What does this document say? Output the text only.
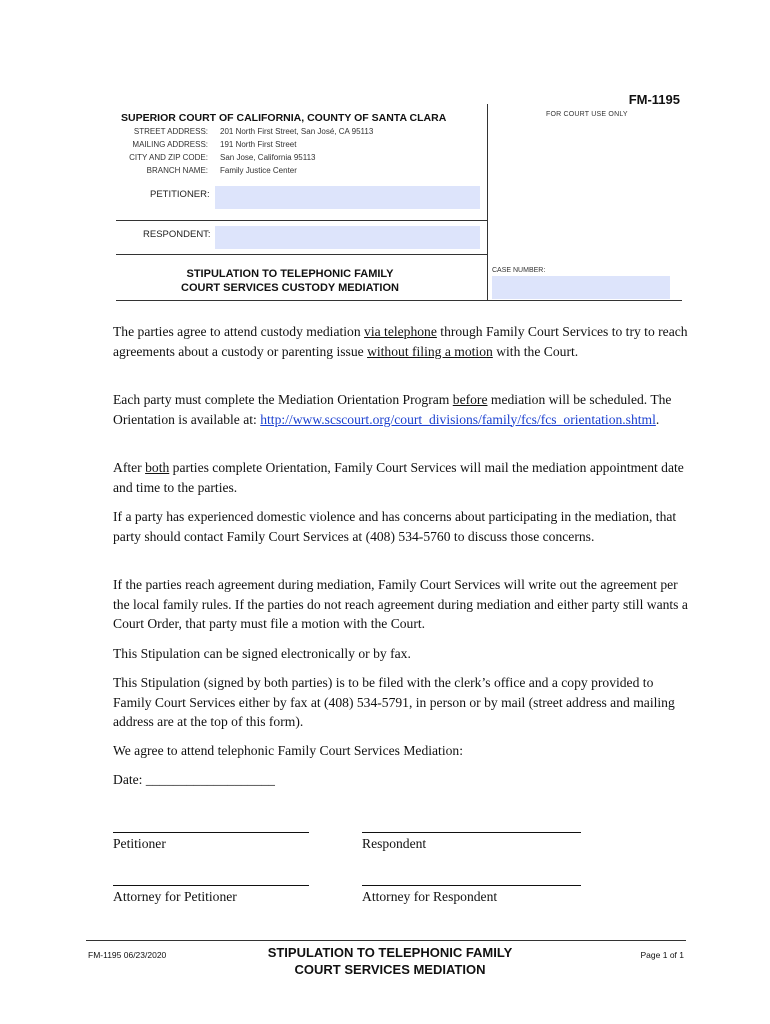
FM-1195
FOR COURT USE ONLY
SUPERIOR COURT OF CALIFORNIA, COUNTY OF SANTA CLARA
STREET ADDRESS: 201 North First Street, San José, CA 95113
MAILING ADDRESS: 191 North First Street
CITY AND ZIP CODE: San Jose, California 95113
BRANCH NAME: Family Justice Center
PETITIONER:
RESPONDENT:
STIPULATION TO TELEPHONIC FAMILY
COURT SERVICES CUSTODY MEDIATION
CASE NUMBER:
The parties agree to attend custody mediation via telephone through Family Court Services to try to reach agreements about a custody or parenting issue without filing a motion with the Court.
Each party must complete the Mediation Orientation Program before mediation will be scheduled. The Orientation is available at: http://www.scscourt.org/court_divisions/family/fcs/fcs_orientation.shtml.
After both parties complete Orientation, Family Court Services will mail the mediation appointment date and time to the parties.
If a party has experienced domestic violence and has concerns about participating in the mediation, that party should contact Family Court Services at (408) 534-5760 to discuss those concerns.
If the parties reach agreement during mediation, Family Court Services will write out the agreement per the local family rules. If the parties do not reach agreement during mediation and either party still wants a Court Order, that party must file a motion with the Court.
This Stipulation can be signed electronically or by fax.
This Stipulation (signed by both parties) is to be filed with the clerk’s office and a copy provided to Family Court Services either by fax at (408) 534-5791, in person or by mail (street address and mailing address are at the top of this form).
We agree to attend telephonic Family Court Services Mediation:
Date: ___________________
Petitioner	Respondent
Attorney for Petitioner	Attorney for Respondent
FM-1195 06/23/2020	STIPULATION TO TELEPHONIC FAMILY
COURT SERVICES MEDIATION
Page 1 of 1
